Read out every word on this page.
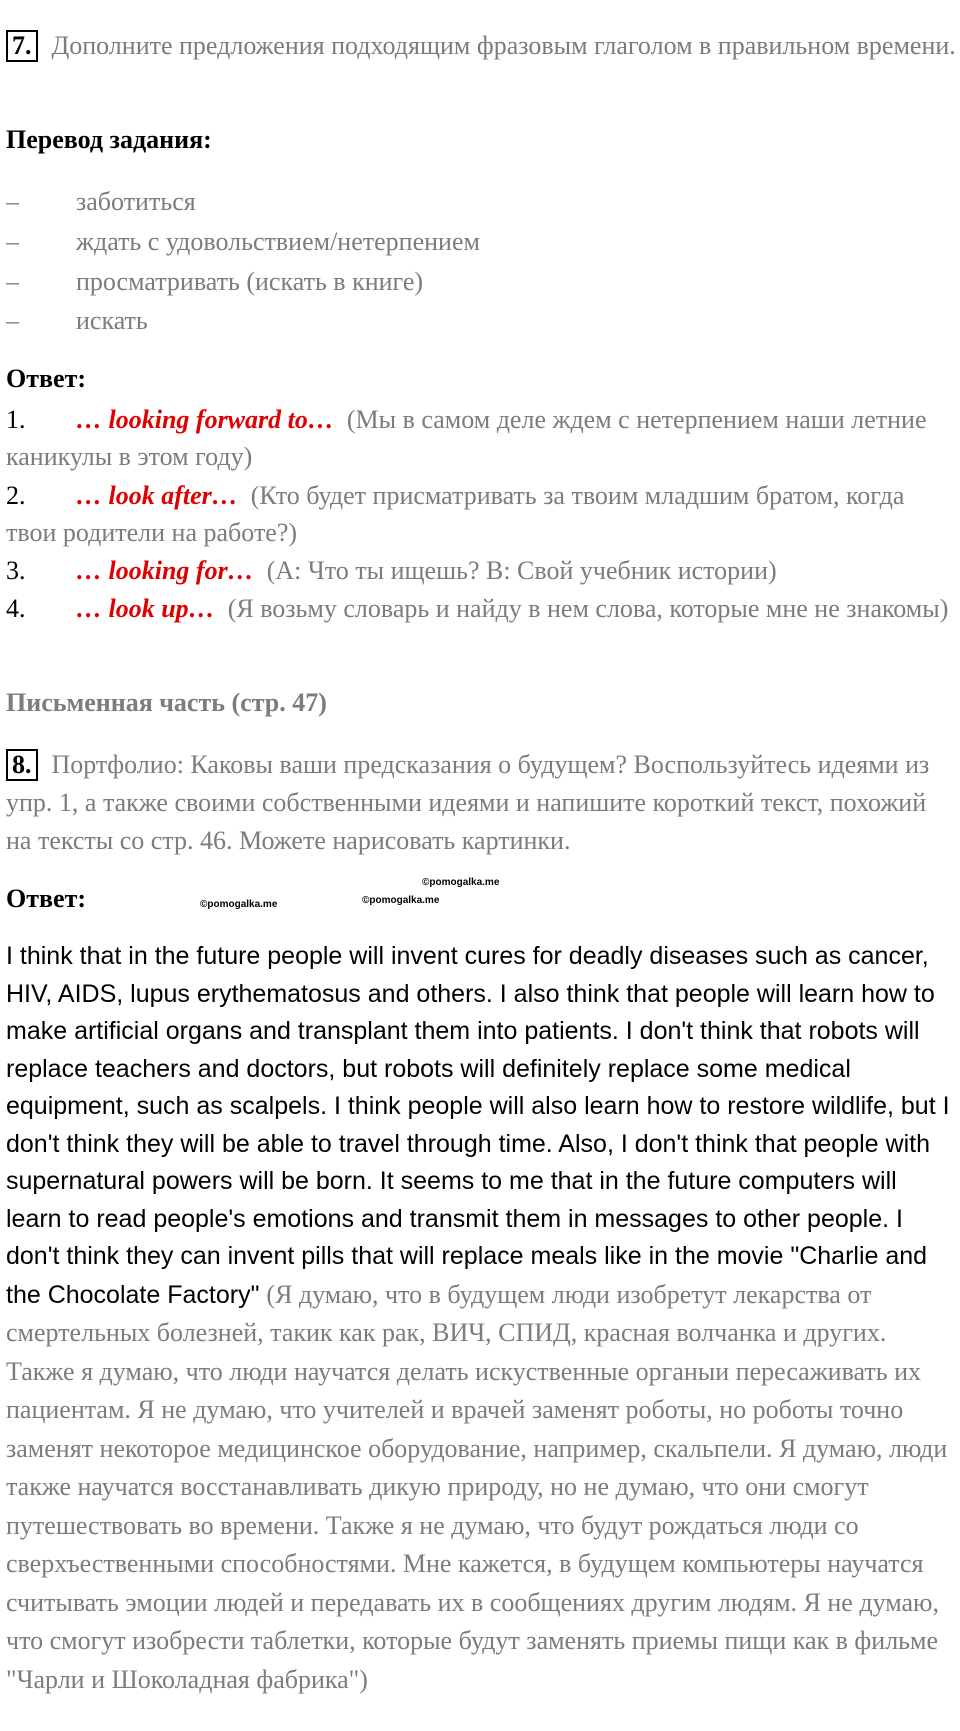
7. Дополните предложения подходящим фразовым глаголом в правильном времени.
Перевод задания:
– заботиться
– ждать с удовольствием/нетерпением
– просматривать (искать в книге)
– искать
Ответ:
1. … looking forward to… (Мы в самом деле ждем с нетерпением наши летние каникулы в этом году)
2. … look after… (Кто будет присматривать за твоим младшим братом, когда твои родители на работе?)
3. … looking for… (А: Что ты ищешь? В: Свой учебник истории)
4. … look up… (Я возьму словарь и найду в нем слова, которые мне не знакомы)
Письменная часть (стр. 47)
8. Портфолио: Каковы ваши предсказания о будущем? Воспользуйтесь идеями из упр. 1, а также своими собственными идеями и напишите короткий текст, похожий на тексты со стр. 46. Можете нарисовать картинки.
Ответ:	©pomogalka.me
©pomogalka.me
©pomogalka.me
I think that in the future people will invent cures for deadly diseases such as cancer, HIV, AIDS, lupus erythematosus and others. I also think that people will learn how to make artificial organs and transplant them into patients. I don't think that robots will replace teachers and doctors, but robots will definitely replace some medical equipment, such as scalpels. I think people will also learn how to restore wildlife, but I don't think they will be able to travel through time. Also, I don't think that people with supernatural powers will be born. It seems to me that in the future computers will learn to read people's emotions and transmit them in messages to other people. I don't think they can invent pills that will replace meals like in the movie "Charlie and the Chocolate Factory" (Я думаю, что в будущем люди изобретут лекарства от смертельных болезней, такик как рак, ВИЧ, СПИД, красная волчанка и других. Также я думаю, что люди научатся делать искуственные органыи пересаживать их пациентам. Я не думаю, что учителей и врачей заменят роботы, но роботы точно заменят некоторое медицинское оборудование, например, скальпели. Я думаю, люди также научатся восстанавливать дикую природу, но не думаю, что они смогут путешествовать во времени. Также я не думаю, что будут рождаться люди со сверхъественными способностями. Мне кажется, в будущем компьютеры научатся считывать эмоции людей и передавать их в сообщениях другим людям. Я не думаю, что смогут изобрести таблетки, которые будут заменять приемы пищи как в фильме "Чарли и Шоколадная фабрика")
